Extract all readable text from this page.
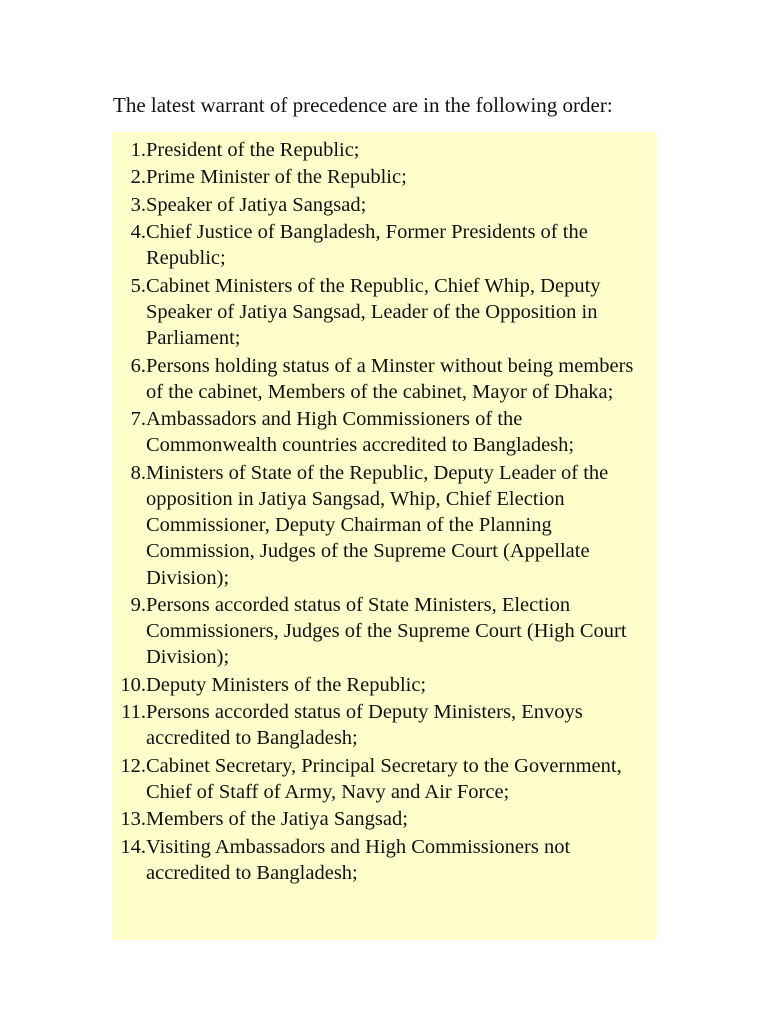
The latest warrant of precedence are in the following order:
1. President of the Republic;
2. Prime Minister of the Republic;
3. Speaker of Jatiya Sangsad;
4. Chief Justice of Bangladesh, Former Presidents of the Republic;
5. Cabinet Ministers of the Republic, Chief Whip, Deputy Speaker of Jatiya Sangsad, Leader of the Opposition in Parliament;
6. Persons holding status of a Minster without being members of the cabinet, Members of the cabinet, Mayor of Dhaka;
7. Ambassadors and High Commissioners of the Commonwealth countries accredited to Bangladesh;
8. Ministers of State of the Republic, Deputy Leader of the opposition in Jatiya Sangsad, Whip, Chief Election Commissioner, Deputy Chairman of the Planning Commission, Judges of the Supreme Court (Appellate Division);
9. Persons accorded status of State Ministers, Election Commissioners, Judges of the Supreme Court (High Court Division);
10. Deputy Ministers of the Republic;
11. Persons accorded status of Deputy Ministers, Envoys accredited to Bangladesh;
12. Cabinet Secretary, Principal Secretary to the Government, Chief of Staff of Army, Navy and Air Force;
13. Members of the Jatiya Sangsad;
14. Visiting Ambassadors and High Commissioners not accredited to Bangladesh;
